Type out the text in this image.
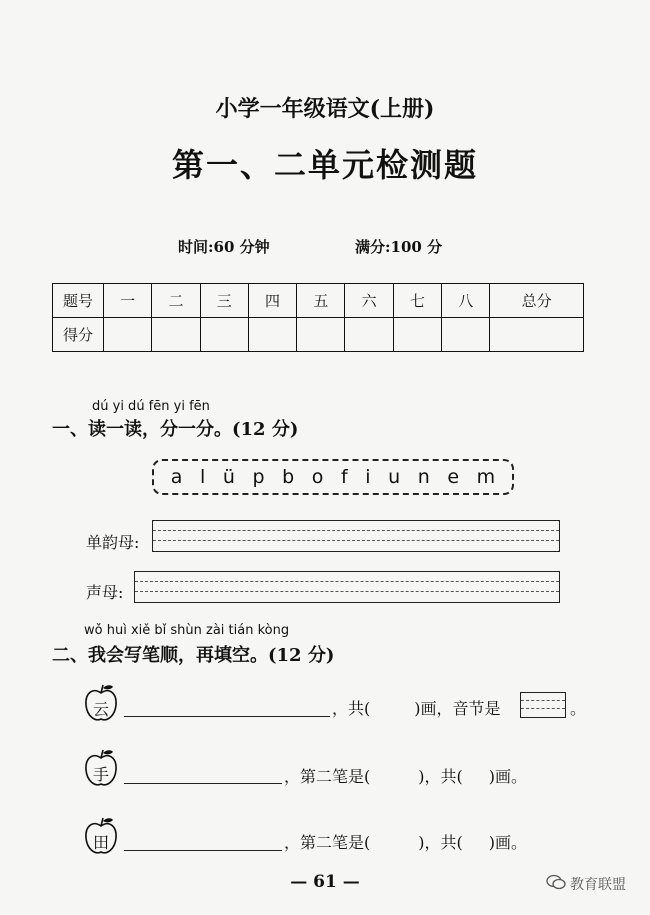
小学一年级语文(上册)
第一、二单元检测题
时间:60 分钟	满分:100 分
题号	一	二	三	四	五	六	七	八	总分
得分									
dú yi dú fēn yi fēn
一、读一读，分一分。(12 分)
a l ü p b o f i u n e m
单韵母:
声母:
wǒ huì xiě bǐ shùn zài tián kòng
二、我会写笔顺，再填空。(12 分)
云	，共(	)画，音节是	。
手	，第二笔是(	)，共( )画。
田	，第二笔是(	)，共( )画。
— 61 —	教育联盟
